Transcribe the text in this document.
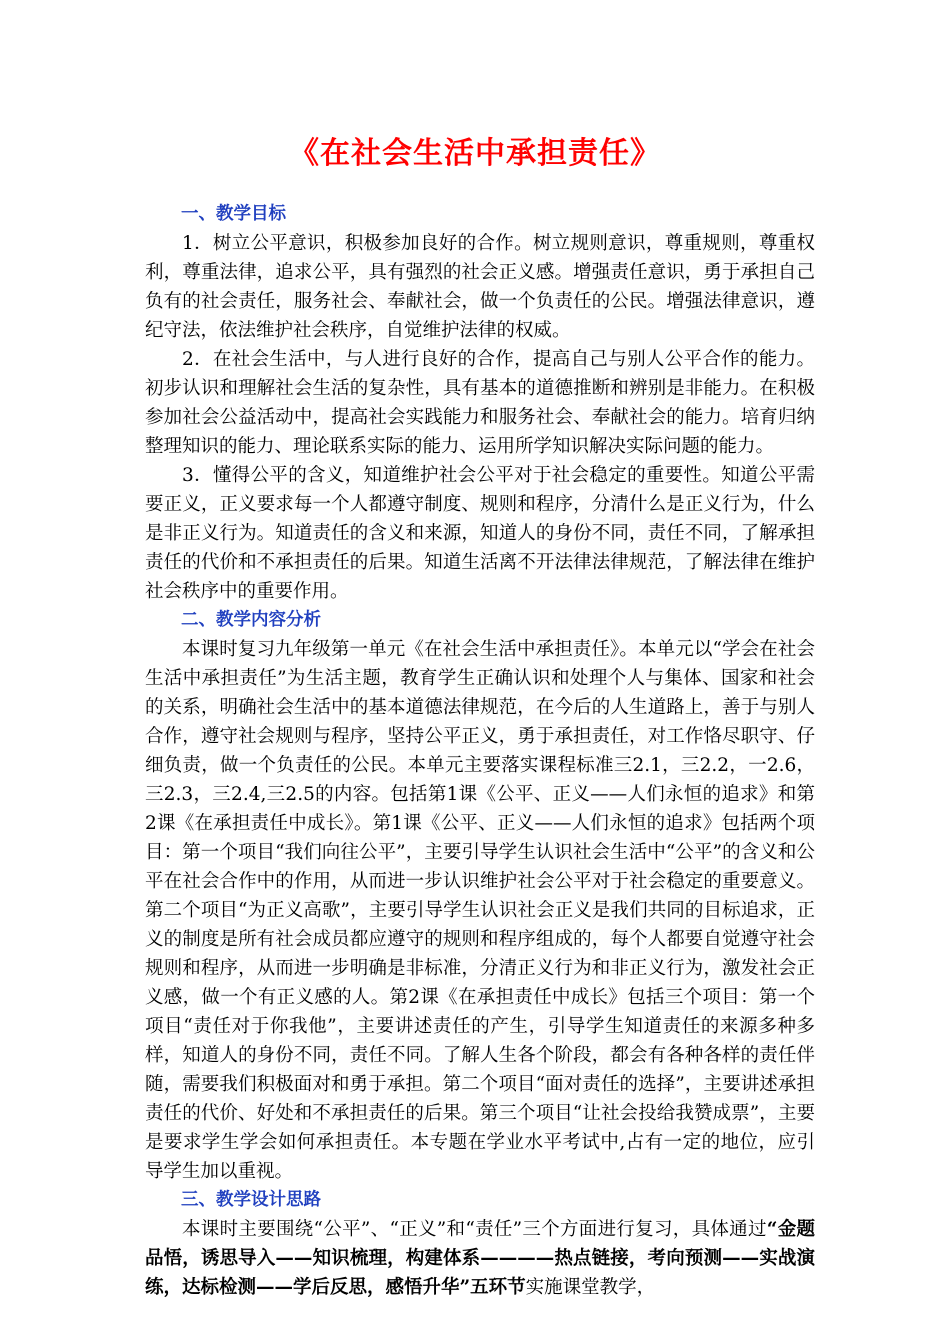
《在社会生活中承担责任》
一、教学目标

1．树立公平意识，积极参加良好的合作。树立规则意识，尊重规则，尊重权利，尊重法律，追求公平，具有强烈的社会正义感。增强责任意识，勇于承担自己负有的社会责任，服务社会、奉献社会，做一个负责任的公民。增强法律意识，遵纪守法，依法维护社会秩序，自觉维护法律的权威。

2．在社会生活中，与人进行良好的合作，提高自己与别人公平合作的能力。初步认识和理解社会生活的复杂性，具有基本的道德推断和辨别是非能力。在积极参加社会公益活动中，提高社会实践能力和服务社会、奉献社会的能力。培育归纳整理知识的能力、理论联系实际的能力、运用所学知识解决实际问题的能力。

3．懂得公平的含义，知道维护社会公平对于社会稳定的重要性。知道公平需要正义，正义要求每一个人都遵守制度、规则和程序，分清什么是正义行为，什么是非正义行为。知道责任的含义和来源，知道人的身份不同，责任不同，了解承担责任的代价和不承担责任的后果。知道生活离不开法律法律规范，了解法律在维护社会秩序中的重要作用。

二、教学内容分析

本课时复习九年级第一单元《在社会生活中承担责任》。本单元以“学会在社会生活中承担责任”为生活主题，教育学生正确认识和处理个人与集体、国家和社会的关系，明确社会生活中的基本道德法律规范，在今后的人生道路上，善于与别人合作，遵守社会规则与程序，坚持公平正义，勇于承担责任，对工作恪尽职守、仔细负责，做一个负责任的公民。本单元主要落实课程标准三2.1，三2.2，一2.6，三2.3，三2.4,三2.5的内容。包括第1课《公平、正义——人们永恒的追求》和第2课《在承担责任中成长》。第1课《公平、正义——人们永恒的追求》包括两个项目：第一个项目“我们向往公平”，主要引导学生认识社会生活中“公平”的含义和公平在社会合作中的作用，从而进一步认识维护社会公平对于社会稳定的重要意义。第二个项目“为正义高歌”，主要引导学生认识社会正义是我们共同的目标追求，正义的制度是所有社会成员都应遵守的规则和程序组成的，每个人都要自觉遵守社会规则和程序，从而进一步明确是非标准，分清正义行为和非正义行为，激发社会正义感，做一个有正义感的人。第2课《在承担责任中成长》包括三个项目：第一个项目“责任对于你我他”，主要讲述责任的产生，引导学生知道责任的来源多种多样，知道人的身份不同，责任不同。了解人生各个阶段，都会有各种各样的责任伴随，需要我们积极面对和勇于承担。第二个项目“面对责任的选择”，主要讲述承担责任的代价、好处和不承担责任的后果。第三个项目“让社会投给我赞成票”，主要是要求学生学会如何承担责任。本专题在学业水平考试中,占有一定的地位，应引导学生加以重视。

三、教学设计思路

本课时主要围绕“公平”、“正义”和“责任”三个方面进行复习，具体通过“金题品悟，诱思导入——知识梳理，构建体系————热点链接，考向预测——实战演练，达标检测——学后反思，感悟升华”五环节实施课堂教学，
